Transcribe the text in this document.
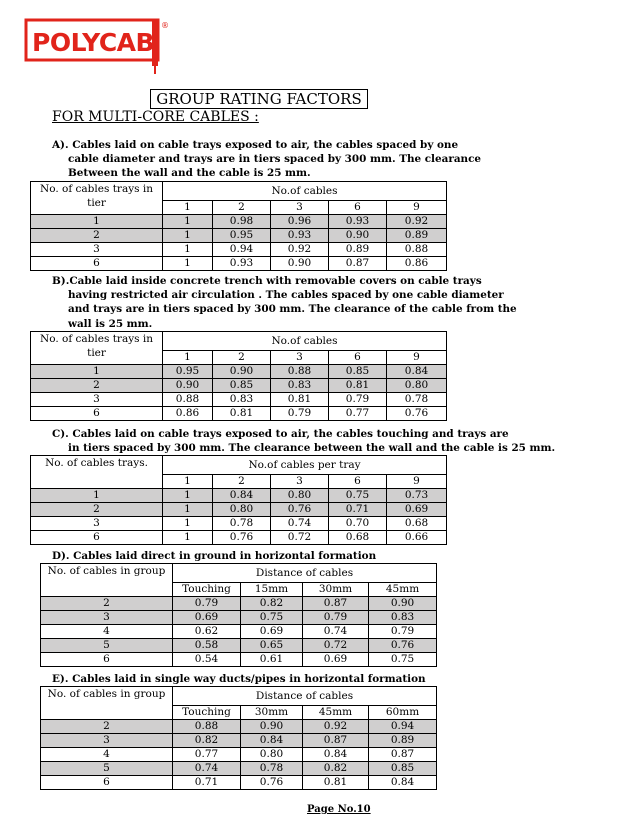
POLYCAB
®
GROUP RATING FACTORS
FOR MULTI-CORE CABLES :
A). Cables laid on cable trays exposed to air, the cables spaced by one
cable diameter and trays are in tiers spaced by 300 mm. The clearance
Between the wall and the cable is 25 mm.
No. of cables trays in tier	No.of cables				
	1	2	3	6	9
1	1	0.98	0.96	0.93	0.92
2	1	0.95	0.93	0.90	0.89
3	1	0.94	0.92	0.89	0.88
6	1	0.93	0.90	0.87	0.86
B).Cable laid inside concrete trench with removable covers on cable trays
having restricted air circulation . The cables spaced by one cable diameter
and trays are in tiers spaced by 300 mm. The clearance of the cable from the
wall is 25 mm.
No. of cables trays in tier	No.of cables				
	1	2	3	6	9
1	0.95	0.90	0.88	0.85	0.84
2	0.90	0.85	0.83	0.81	0.80
3	0.88	0.83	0.81	0.79	0.78
6	0.86	0.81	0.79	0.77	0.76
C). Cables laid on cable trays exposed to air, the cables touching and trays are
in tiers spaced by 300 mm. The clearance between the wall and the cable is 25 mm.
No. of cables trays.	No.of cables per tray				
	1	2	3	6	9
1	1	0.84	0.80	0.75	0.73
2	1	0.80	0.76	0.71	0.69
3	1	0.78	0.74	0.70	0.68
6	1	0.76	0.72	0.68	0.66
D). Cables laid direct in ground in horizontal formation
No. of cables in group	Distance of cables			
	Touching	15mm	30mm	45mm
2	0.79	0.82	0.87	0.90
3	0.69	0.75	0.79	0.83
4	0.62	0.69	0.74	0.79
5	0.58	0.65	0.72	0.76
6	0.54	0.61	0.69	0.75
E). Cables laid in single way ducts/pipes in horizontal formation
No. of cables in group	Distance of cables			
	Touching	30mm	45mm	60mm
2	0.88	0.90	0.92	0.94
3	0.82	0.84	0.87	0.89
4	0.77	0.80	0.84	0.87
5	0.74	0.78	0.82	0.85
6	0.71	0.76	0.81	0.84
Page No.10
